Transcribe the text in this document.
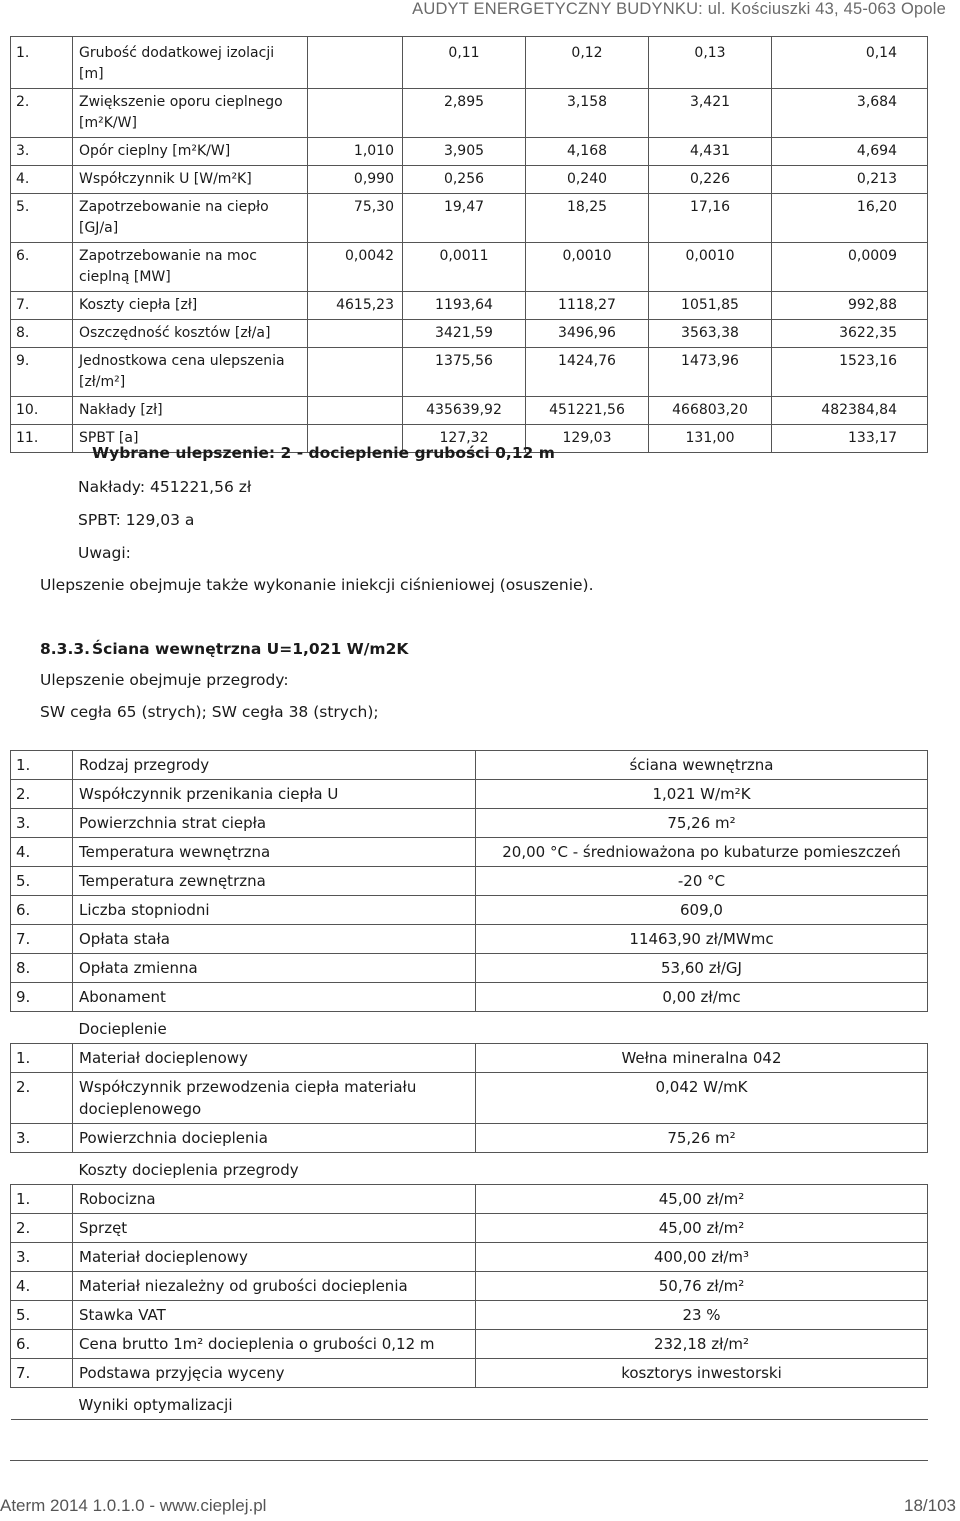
AUDYT ENERGETYCZNY BUDYNKU: ul. Kościuszki 43, 45-063 Opole
1.	Grubość dodatkowej izolacji [m]		0,11	0,12	0,13	0,14
2.	Zwiększenie oporu cieplnego [m²K/W]		2,895	3,158	3,421	3,684
3.	Opór cieplny [m²K/W]	1,010	3,905	4,168	4,431	4,694
4.	Współczynnik U [W/m²K]	0,990	0,256	0,240	0,226	0,213
5.	Zapotrzebowanie na ciepło [GJ/a]	75,30	19,47	18,25	17,16	16,20
6.	Zapotrzebowanie na moc cieplną [MW]	0,0042	0,0011	0,0010	0,0010	0,0009
7.	Koszty ciepła [zł]	4615,23	1193,64	1118,27	1051,85	992,88
8.	Oszczędność kosztów [zł/a]		3421,59	3496,96	3563,38	3622,35
9.	Jednostkowa cena ulepszenia [zł/m²]		1375,56	1424,76	1473,96	1523,16
10.	Nakłady [zł]		435639,92	451221,56	466803,20	482384,84
11.	SPBT [a]		127,32	129,03	131,00	133,17
Wybrane ulepszenie: 2 - docieplenie grubości 0,12 m
Nakłady: 451221,56 zł
SPBT: 129,03 a
Uwagi:
Ulepszenie obejmuje także wykonanie iniekcji ciśnieniowej (osuszenie).
8.3.3. Ściana wewnętrzna U=1,021 W/m2K
Ulepszenie obejmuje przegrody:
SW cegła 65 (strych); SW cegła 38 (strych);
1.	Rodzaj przegrody	ściana wewnętrzna
2.	Współczynnik przenikania ciepła U	1,021 W/m²K
3.	Powierzchnia strat ciepła	75,26 m²
4.	Temperatura wewnętrzna	20,00 °C - średnioważona po kubaturze pomieszczeń
5.	Temperatura zewnętrzna	-20 °C
6.	Liczba stopniodni	609,0
7.	Opłata stała	11463,90 zł/MWmc
8.	Opłata zmienna	53,60 zł/GJ
9.	Abonament	0,00 zł/mc
	Docieplenie	
1.	Materiał docieplenowy	Wełna mineralna 042
2.	Współczynnik przewodzenia ciepła materiału docieplenowego	0,042 W/mK
3.	Powierzchnia docieplenia	75,26 m²
	Koszty docieplenia przegrody	
1.	Robocizna	45,00 zł/m²
2.	Sprzęt	45,00 zł/m²
3.	Materiał docieplenowy	400,00 zł/m³
4.	Materiał niezależny od grubości docieplenia	50,76 zł/m²
5.	Stawka VAT	23 %
6.	Cena brutto 1m² docieplenia o grubości 0,12 m	232,18 zł/m²
7.	Podstawa przyjęcia wyceny	kosztorys inwestorski
	Wyniki optymalizacji	
Aterm 2014 1.0.1.0 - www.cieplej.pl	18/103
